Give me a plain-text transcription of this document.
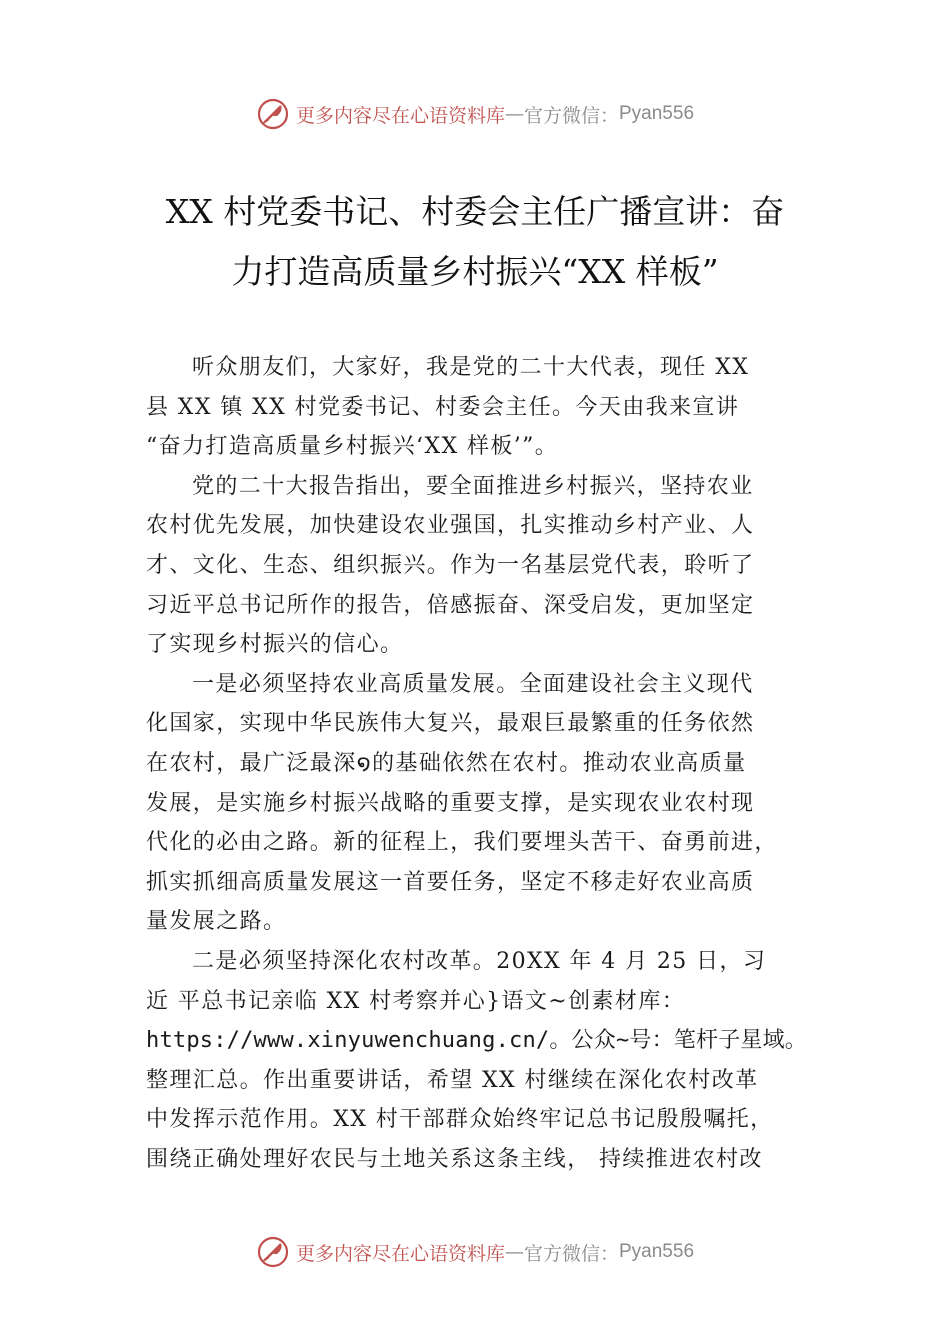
更多内容尽在心语资料库 — 官方微信： Pyan556
XX 村党委书记、村委会主任广播宣讲：奋
力打造高质量乡村振兴“XX 样板”

听众朋友们，大家好，我是党的二十大代表，现任 XX
县 XX 镇 XX 村党委书记、村委会主任。今天由我来宣讲
“奋力打造高质量乡村振兴‘XX 样板’”。

党的二十大报告指出，要全面推进乡村振兴，坚持农业
农村优先发展，加快建设农业强国，扎实推动乡村产业、人
才、文化、生态、组织振兴。作为一名基层党代表，聆听了
习近平总书记所作的报告，倍感振奋、深受启发，更加坚定
了实现乡村振兴的信心。

一是必须坚持农业高质量发展。全面建设社会主义现代
化国家，实现中华民族伟大复兴，最艰巨最繁重的任务依然
在农村，最广泛最深໑的基础依然在农村。推动农业高质量
发展，是实施乡村振兴战略的重要支撑，是实现农业农村现
代化的必由之路。新的征程上，我们要埋头苦干、奋勇前进，
抓实抓细高质量发展这一首要任务，坚定不移走好农业高质
量发展之路。

二是必须坚持深化农村改革。20XX 年 4 月 25 日，习
近 平总书记亲临 XX 村考察并心}语文~创素材库：
https://www.xinyuwenchuang.cn/。公众~号：笔杆子星域。
整理汇总。作出重要讲话，希望 XX 村继续在深化农村改革
中发挥示范作用。XX 村干部群众始终牢记总书记殷殷嘱托，
围绕正确处理好农民与土地关系这条主线， 持续推进农村改

更多内容尽在心语资料库 — 官方微信： Pyan556
